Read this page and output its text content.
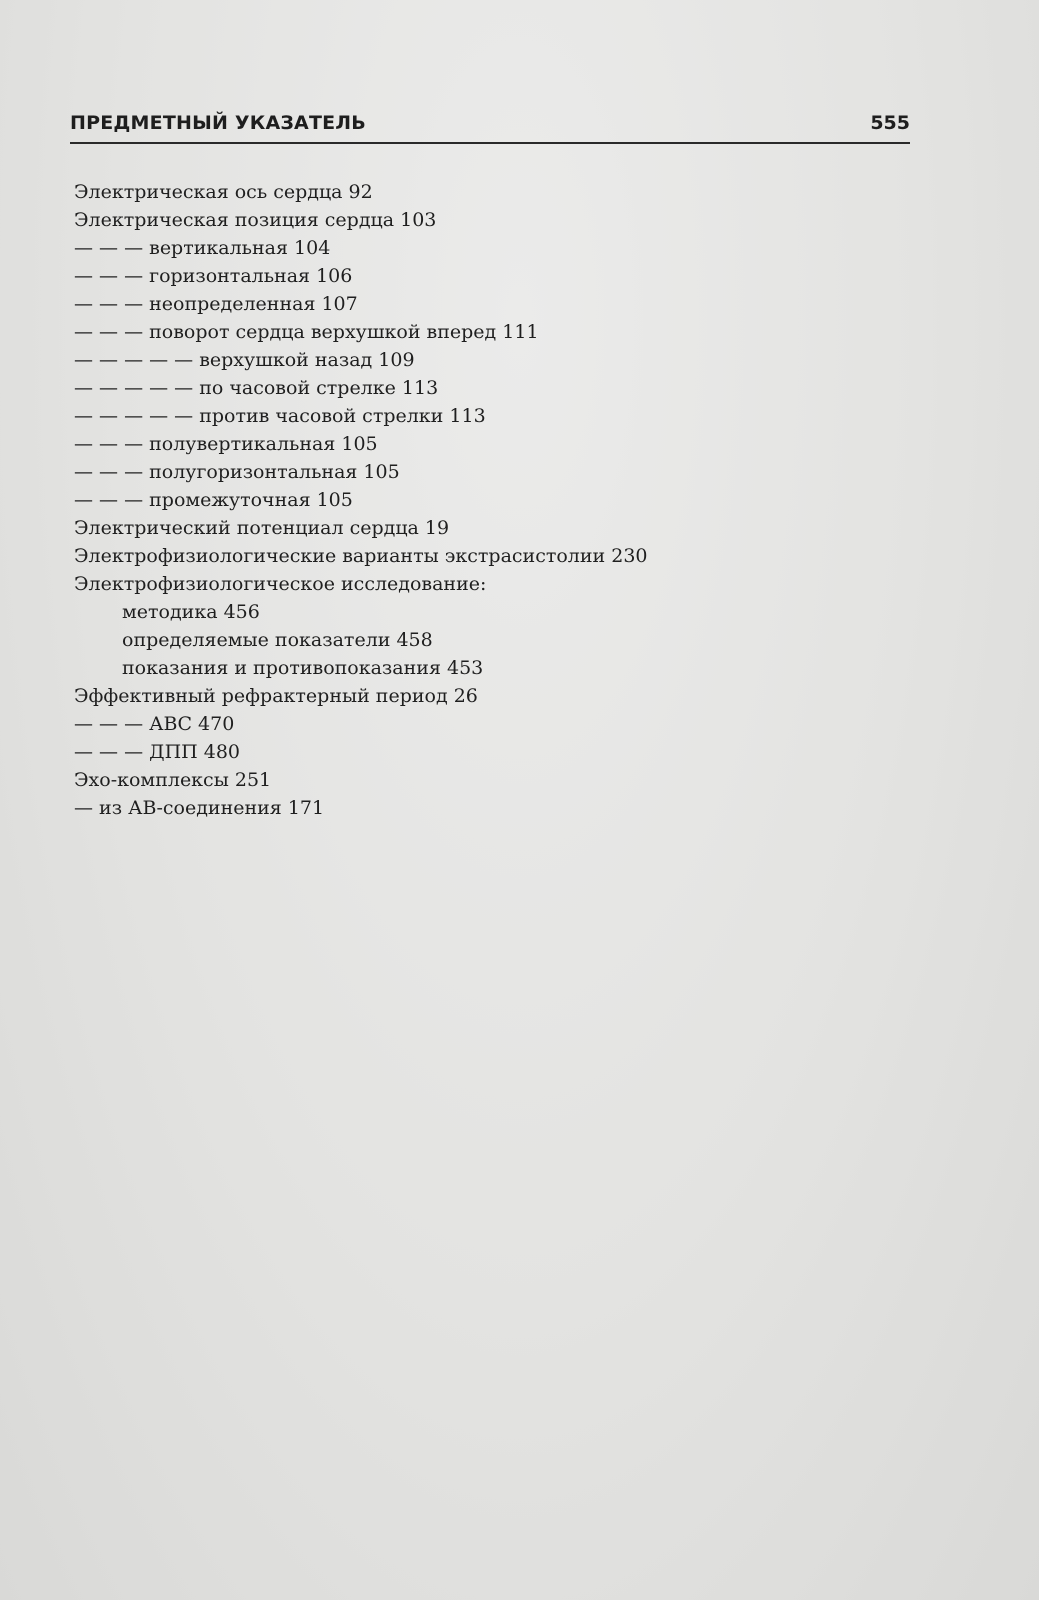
ПРЕДМЕТНЫЙ УКАЗАТЕЛЬ	555
Электрическая ось сердца 92
Электрическая позиция сердца 103
— — — вертикальная 104
— — — горизонтальная 106
— — — неопределенная 107
— — — поворот сердца верхушкой вперед 111
— — — — — верхушкой назад 109
— — — — — по часовой стрелке 113
— — — — — против часовой стрелки 113
— — — полувертикальная 105
— — — полугоризонтальная 105
— — — промежуточная 105
Электрический потенциал сердца 19
Электрофизиологические варианты экстрасистолии 230
Электрофизиологическое исследование:
методика 456
определяемые показатели 458
показания и противопоказания 453
Эффективный рефрактерный период 26
— — — АВС 470
— — — ДПП 480
Эхо-комплексы 251
— из АВ-соединения 171
